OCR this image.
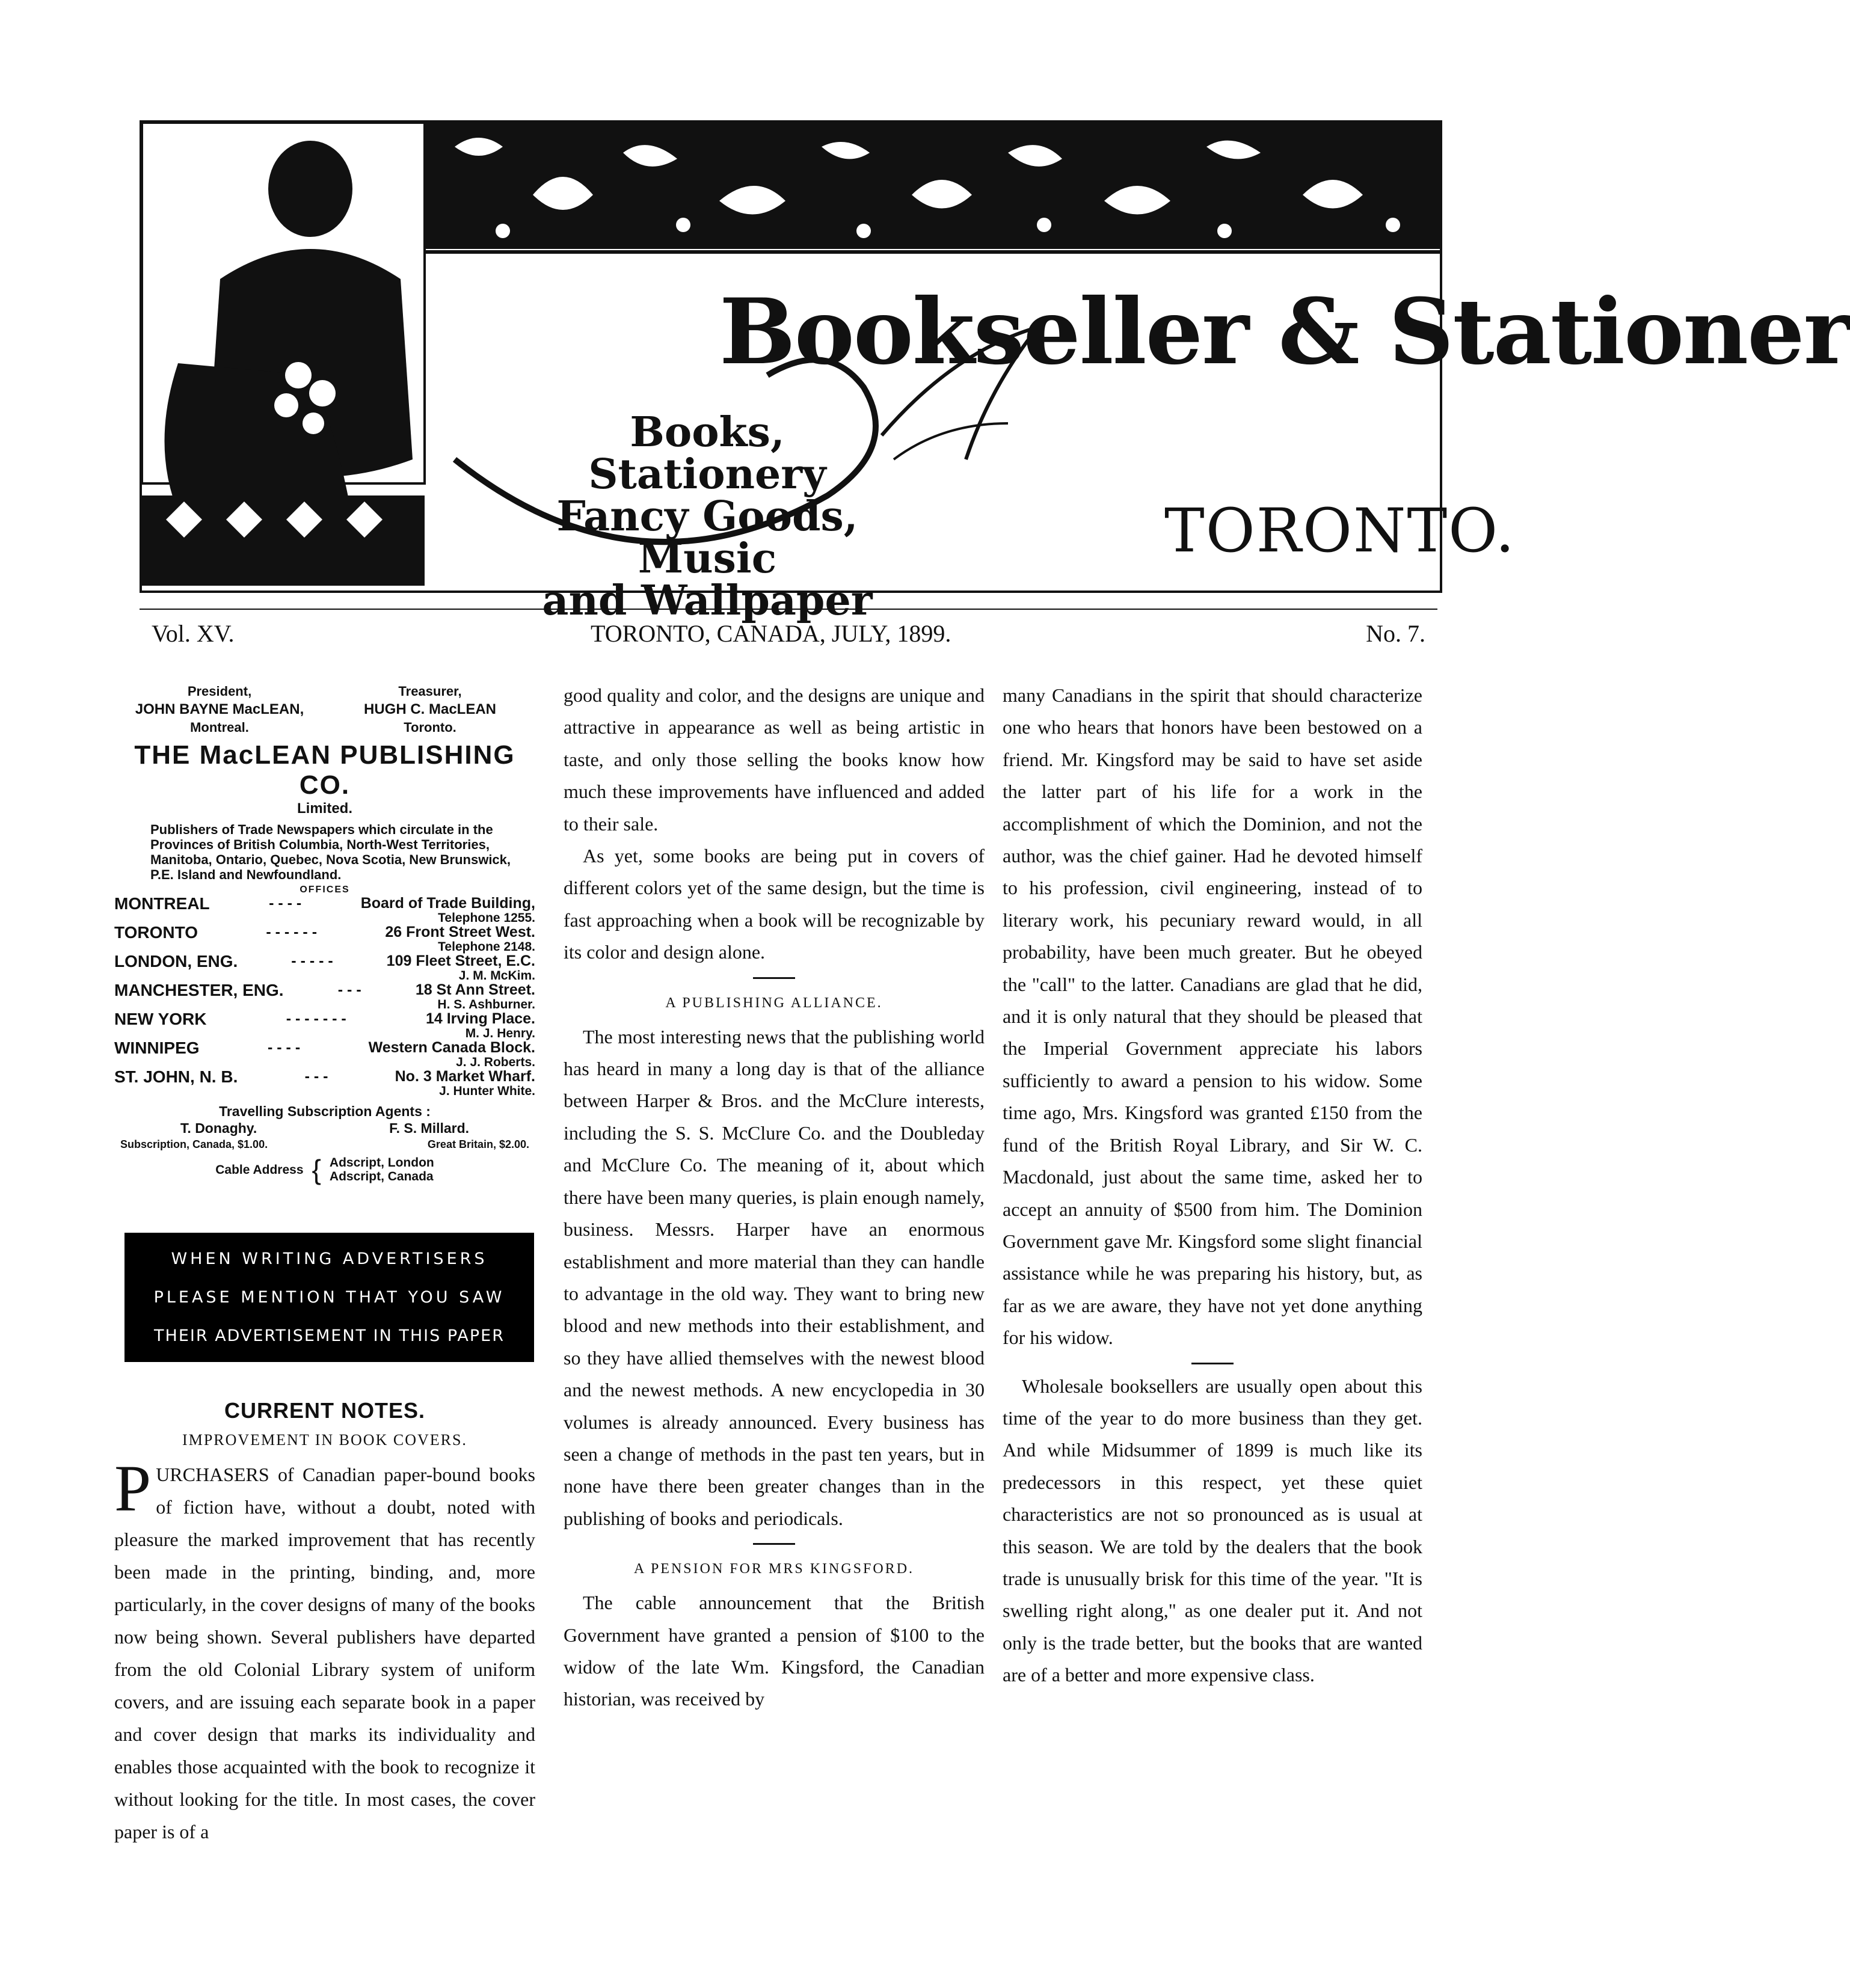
Bookseller & Stationer
Books, Stationery
Fancy Goods, Music
and Wallpaper
TORONTO.
Vol. XV.	TORONTO, CANADA, JULY, 1899.	No. 7.
President,	Treasurer,
JOHN BAYNE MacLEAN,	HUGH C. MacLEAN
Montreal.	Toronto.
THE MacLEAN PUBLISHING CO.
Limited.
Publishers of Trade Newspapers which circulate in the Provinces of British Columbia, North-West Territories, Manitoba, Ontario, Quebec, Nova Scotia, New Brunswick, P.E. Island and Newfoundland.
OFFICES
MONTREAL	- - - -	Board of Trade Building,
Telephone 1255.
TORONTO	- - - - - -	26 Front Street West.
Telephone 2148.
LONDON, ENG.	- - - - -	109 Fleet Street, E.C.
J. M. McKim.
MANCHESTER, ENG.	- - -	18 St Ann Street.
H. S. Ashburner.
NEW YORK	- - - - - - -	14 Irving Place.
M. J. Henry.
WINNIPEG	- - - -	Western Canada Block.
J. J. Roberts.
ST. JOHN, N. B.	- - -	No. 3 Market Wharf.
J. Hunter White.
Travelling Subscription Agents :
T. Donaghy.	F. S. Millard.
Subscription, Canada, $1.00.	Great Britain, $2.00.
Cable Address { Adscript, London
Adscript, Canada
WHEN WRITING ADVERTISERS
PLEASE MENTION THAT YOU SAW
THEIR ADVERTISEMENT IN THIS PAPER
CURRENT NOTES.
IMPROVEMENT IN BOOK COVERS.
PURCHASERS of Canadian paper-bound books of fiction have, without a doubt, noted with pleasure the marked improvement that has recently been made in the printing, binding, and, more particularly, in the cover designs of many of the books now being shown. Several publishers have departed from the old Colonial Library system of uniform covers, and are issuing each separate book in a paper and cover design that marks its individuality and enables those acquainted with the book to recognize it without looking for the title. In most cases, the cover paper is of a

good quality and color, and the designs are unique and attractive in appearance as well as being artistic in taste, and only those selling the books know how much these improvements have influenced and added to their sale.

As yet, some books are being put in covers of different colors yet of the same design, but the time is fast approaching when a book will be recognizable by its color and design alone.

A PUBLISHING ALLIANCE.

The most interesting news that the publishing world has heard in many a long day is that of the alliance between Harper & Bros. and the McClure interests, including the S. S. McClure Co. and the Doubleday and McClure Co. The meaning of it, about which there have been many queries, is plain enough namely, business. Messrs. Harper have an enormous establishment and more material than they can handle to advantage in the old way. They want to bring new blood and new methods into their establishment, and so they have allied themselves with the newest blood and the newest methods. A new encyclopedia in 30 volumes is already announced. Every business has seen a change of methods in the past ten years, but in none have there been greater changes than in the publishing of books and periodicals.

A PENSION FOR MRS KINGSFORD.

The cable announcement that the British Government have granted a pension of $100 to the widow of the late Wm. Kingsford, the Canadian historian, was received by

many Canadians in the spirit that should characterize one who hears that honors have been bestowed on a friend. Mr. Kingsford may be said to have set aside the latter part of his life for a work in the accomplishment of which the Dominion, and not the author, was the chief gainer. Had he devoted himself to his profession, civil engineering, instead of to literary work, his pecuniary reward would, in all probability, have been much greater. But he obeyed the "call" to the latter. Canadians are glad that he did, and it is only natural that they should be pleased that the Imperial Government appreciate his labors sufficiently to award a pension to his widow. Some time ago, Mrs. Kingsford was granted £150 from the fund of the British Royal Library, and Sir W. C. Macdonald, just about the same time, asked her to accept an annuity of $500 from him. The Dominion Government gave Mr. Kingsford some slight financial assistance while he was preparing his history, but, as far as we are aware, they have not yet done anything for his widow.

Wholesale booksellers are usually open about this time of the year to do more business than they get. And while Midsummer of 1899 is much like its predecessors in this respect, yet these quiet characteristics are not so pronounced as is usual at this season. We are told by the dealers that the book trade is unusually brisk for this time of the year. "It is swelling right along," as one dealer put it. And not only is the trade better, but the books that are wanted are of a better and more expensive class.
